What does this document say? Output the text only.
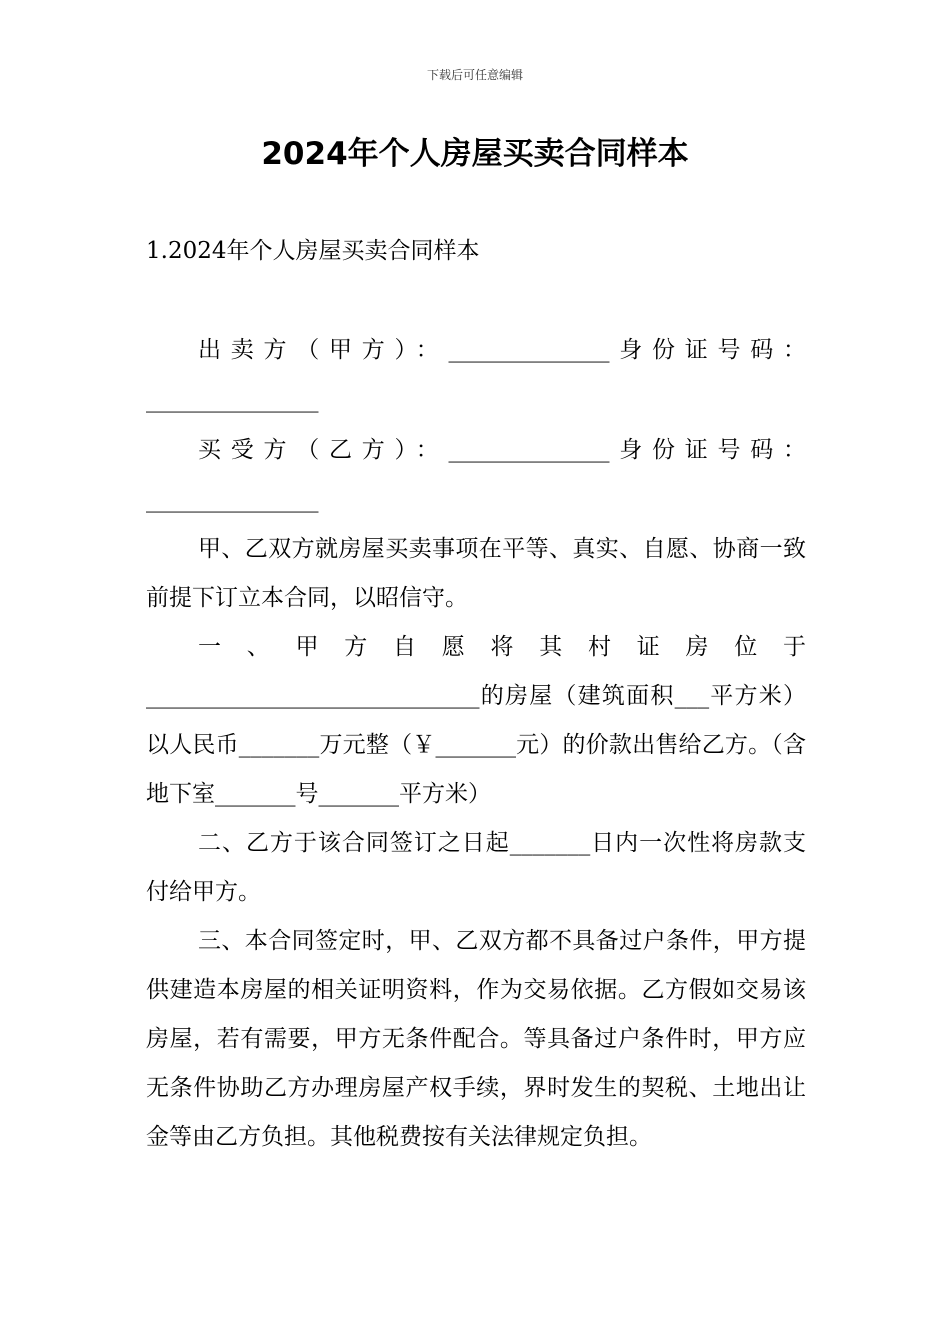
下载后可任意编辑
2024年个人房屋买卖合同样本
1.2024年个人房屋买卖合同样本

出卖方（甲方）：______________身份证号码：_______________

买受方（乙方）：______________身份证号码：_______________

甲、乙双方就房屋买卖事项在平等、真实、自愿、协商一致前提下订立本合同，以昭信守。

一、甲方自愿将其村证房位于_____________________________的房屋（建筑面积___平方米）以人民币_______万元整（￥_______元）的价款出售给乙方。（含地下室_______号_______平方米）

二、乙方于该合同签订之日起_______日内一次性将房款支付给甲方。

三、本合同签定时，甲、乙双方都不具备过户条件，甲方提供建造本房屋的相关证明资料，作为交易依据。乙方假如交易该房屋，若有需要，甲方无条件配合。等具备过户条件时，甲方应无条件协助乙方办理房屋产权手续，界时发生的契税、土地出让金等由乙方负担。其他税费按有关法律规定负担。
